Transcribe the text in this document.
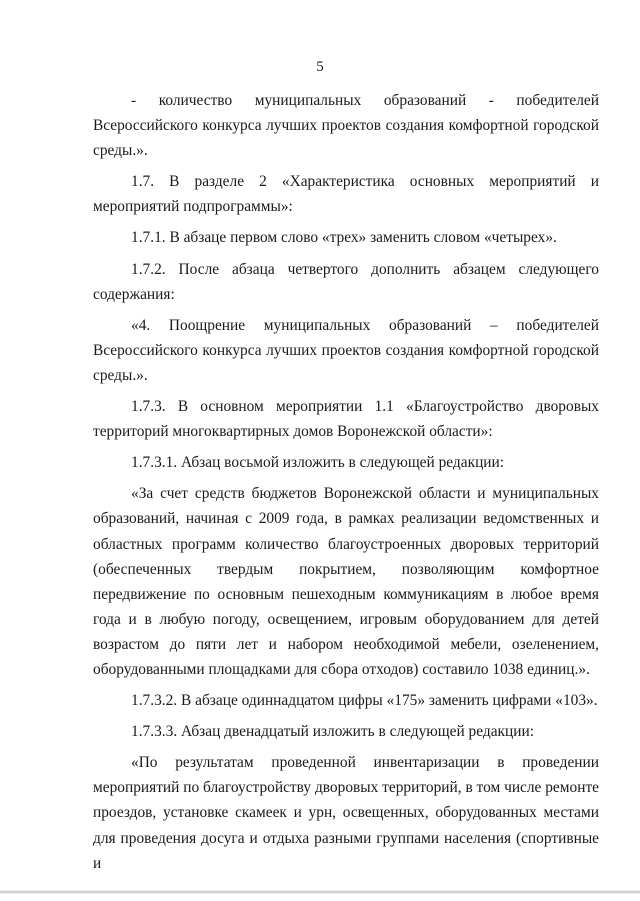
5

- количество муниципальных образований - победителей Всероссийского конкурса лучших проектов создания комфортной городской среды.».

1.7. В разделе 2 «Характеристика основных мероприятий и мероприятий подпрограммы»:

1.7.1. В абзаце первом слово «трех» заменить словом «четырех».

1.7.2. После абзаца четвертого дополнить абзацем следующего содержания:

«4. Поощрение муниципальных образований – победителей Всероссийского конкурса лучших проектов создания комфортной городской среды.».

1.7.3. В основном мероприятии 1.1 «Благоустройство дворовых территорий многоквартирных домов Воронежской области»:

1.7.3.1. Абзац восьмой изложить в следующей редакции:

«За счет средств бюджетов Воронежской области и муниципальных образований, начиная с 2009 года, в рамках реализации ведомственных и областных программ количество благоустроенных дворовых территорий (обеспеченных твердым покрытием, позволяющим комфортное передвижение по основным пешеходным коммуникациям в любое время года и в любую погоду, освещением, игровым оборудованием для детей возрастом до пяти лет и набором необходимой мебели, озеленением, оборудованными площадками для сбора отходов) составило 1038 единиц.».

1.7.3.2. В абзаце одиннадцатом цифры «175» заменить цифрами «103».

1.7.3.3. Абзац двенадцатый изложить в следующей редакции:

«По результатам проведенной инвентаризации в проведении мероприятий по благоустройству дворовых территорий, в том числе ремонте проездов, установке скамеек и урн, освещенных, оборудованных местами для проведения досуга и отдыха разными группами населения (спортивные и
